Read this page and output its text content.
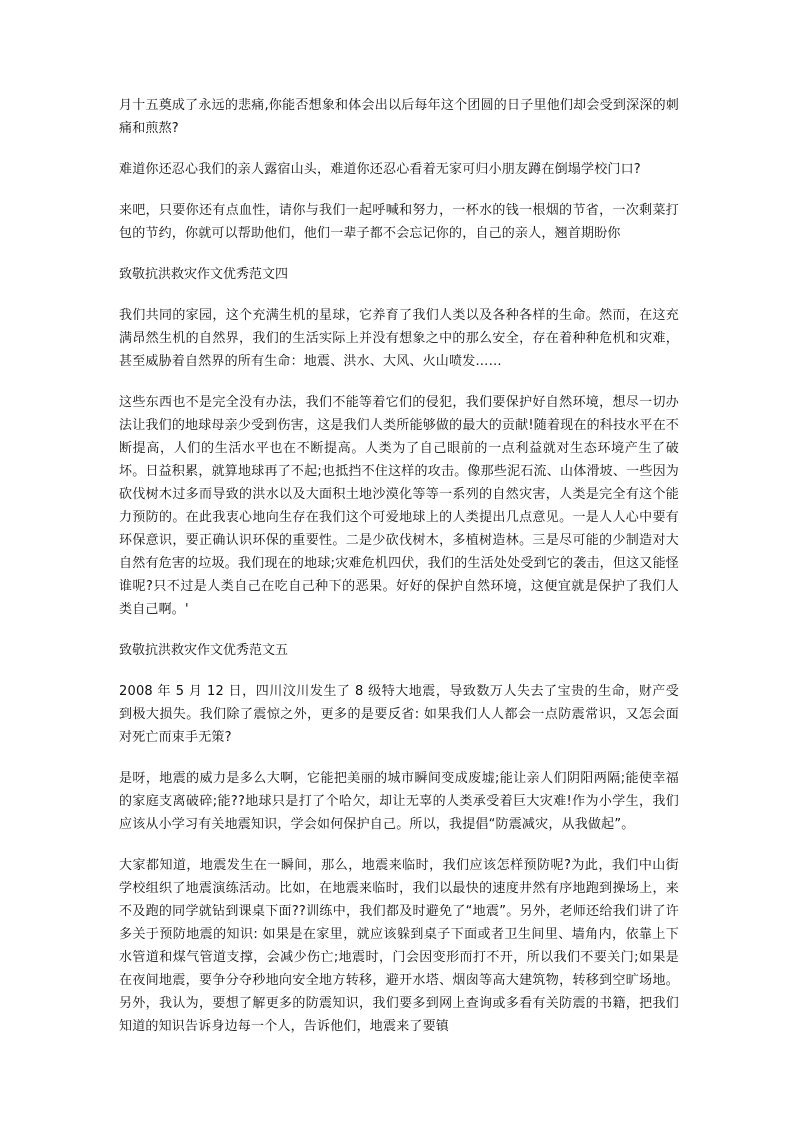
月十五奠成了永远的悲痛,你能否想象和体会出以后每年这个团圆的日子里他们却会受到深深的刺痛和煎熬?

难道你还忍心我们的亲人露宿山头，难道你还忍心看着无家可归小朋友蹲在倒塌学校门口?

来吧，只要你还有点血性，请你与我们一起呼喊和努力，一杯水的钱一根烟的节省，一次剩菜打包的节约，你就可以帮助他们，他们一辈子都不会忘记你的，自己的亲人，翘首期盼你

致敬抗洪救灾作文优秀范文四

我们共同的家园，这个充满生机的星球，它养育了我们人类以及各种各样的生命。然而，在这充满昂然生机的自然界，我们的生活实际上并没有想象之中的那么安全，存在着种种危机和灾难，甚至威胁着自然界的所有生命：地震、洪水、大风、火山喷发……

这些东西也不是完全没有办法，我们不能等着它们的侵犯，我们要保护好自然环境，想尽一切办法让我们的地球母亲少受到伤害，这是我们人类所能够做的最大的贡献!随着现在的科技水平在不断提高，人们的生活水平也在不断提高。人类为了自己眼前的一点利益就对生态环境产生了破坏。日益积累，就算地球再了不起;也抵挡不住这样的攻击。像那些泥石流、山体滑坡、一些因为砍伐树木过多而导致的洪水以及大面积土地沙漠化等等一系列的自然灾害，人类是完全有这个能力预防的。在此我衷心地向生存在我们这个可爱地球上的人类提出几点意见。一是人人心中要有环保意识，要正确认识环保的重要性。二是少砍伐树木，多植树造林。三是尽可能的少制造对大自然有危害的垃圾。我们现在的地球;灾难危机四伏，我们的生活处处受到它的袭击，但这又能怪谁呢?只不过是人类自己在吃自己种下的恶果。好好的保护自然环境，这便宜就是保护了我们人类自己啊。'

致敬抗洪救灾作文优秀范文五

2008 年 5 月 12 日，四川汶川发生了 8 级特大地震，导致数万人失去了宝贵的生命，财产受到极大损失。我们除了震惊之外，更多的是要反省: 如果我们人人都会一点防震常识，又怎会面对死亡而束手无策?

是呀，地震的威力是多么大啊，它能把美丽的城市瞬间变成废墟;能让亲人们阴阳两隔;能使幸福的家庭支离破碎;能??地球只是打了个哈欠，却让无辜的人类承受着巨大灾难!作为小学生，我们应该从小学习有关地震知识，学会如何保护自己。所以，我提倡“防震减灾，从我做起”。

大家都知道，地震发生在一瞬间，那么，地震来临时，我们应该怎样预防呢?为此，我们中山街学校组织了地震演练活动。比如，在地震来临时，我们以最快的速度井然有序地跑到操场上，来不及跑的同学就钻到课桌下面??训练中，我们都及时避免了“地震”。另外，老师还给我们讲了许多关于预防地震的知识: 如果是在家里，就应该躲到桌子下面或者卫生间里、墙角内，依靠上下水管道和煤气管道支撑，会减少伤亡;地震时，门会因变形而打不开，所以我们不要关门;如果是在夜间地震，要争分夺秒地向安全地方转移，避开水塔、烟囱等高大建筑物，转移到空旷场地。另外，我认为，要想了解更多的防震知识，我们要多到网上查询或多看有关防震的书籍，把我们知道的知识告诉身边每一个人，告诉他们，地震来了要镇
